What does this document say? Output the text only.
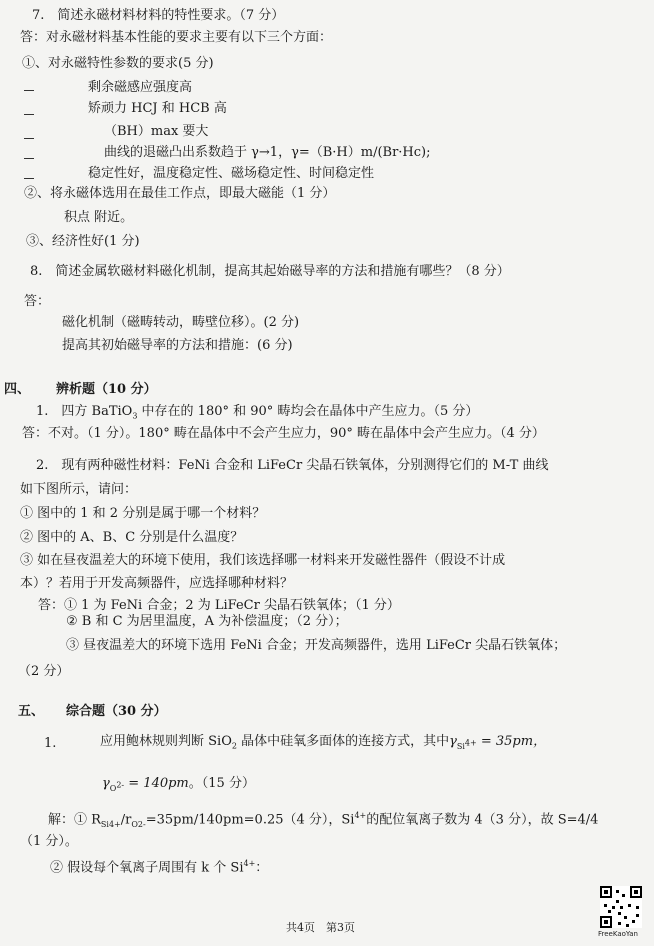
7.　简述永磁材料材料的特性要求。（7 分）
答：对永磁材料基本性能的要求主要有以下三个方面：
①、对永磁特性参数的要求(5 分)
剩余磁感应强度高
矫顽力 HCJ 和 HCB 高
（BH）max 要大
曲线的退磁凸出系数趋于 γ→1，γ=（B·H）m/(Br·Hc);
稳定性好，温度稳定性、磁场稳定性、时间稳定性
②、将永磁体选用在最佳工作点，即最大磁能（1 分）
积点 附近。
③、经济性好(1 分)
8.　简述金属软磁材料磁化机制，提高其起始磁导率的方法和措施有哪些？（8 分）
答：
磁化机制（磁畴转动，畴壁位移）。(2 分)
提高其初始磁导率的方法和措施：(6 分)
四、 辨析题（10 分）
1.　四方 BaTiO$_3$ 中存在的 180° 和 90° 畴均会在晶体中产生应力。（5 分）
答：不对。（1 分）。180° 畴在晶体中不会产生应力，90° 畴在晶体中会产生应力。（4 分）
2.　现有两种磁性材料：FeNi 合金和 LiFeCr 尖晶石铁氧体，分别测得它们的 M-T 曲线
如下图所示，请问：
① 图中的 1 和 2 分别是属于哪一个材料？
② 图中的 A、B、C 分别是什么温度？
③ 如在昼夜温差大的环境下使用，我们该选择哪一材料来开发磁性器件（假设不计成
本）？若用于开发高频器件，应选择哪种材料？
答：① 1 为 FeNi 合金；2 为 LiFeCr 尖晶石铁氧体；（1 分）
② B 和 C 为居里温度，A 为补偿温度；（2 分）；
③ 昼夜温差大的环境下选用 FeNi 合金；开发高频器件，选用 LiFeCr 尖晶石铁氧体；
（2 分）
五、 综合题（30 分）
1.	应用鲍林规则判断 SiO$_2$ 晶体中硅氧多面体的连接方式，其中$\gamma_{Si^{4+}} = 35pm$，
$\gamma_{O^{2-}} = 140pm$。（15 分）
解：① $R_{Si4+}/r_{O2-}=35pm/140pm=0.25(4$ 分），$Si^{4+}$的配位氧离子数为 4（3 分），故 S=4/4
（1 分）。
② 假设每个氧离子周围有 k 个 $Si^{4+}$：
共4页　第3页	FreeKaoYan
